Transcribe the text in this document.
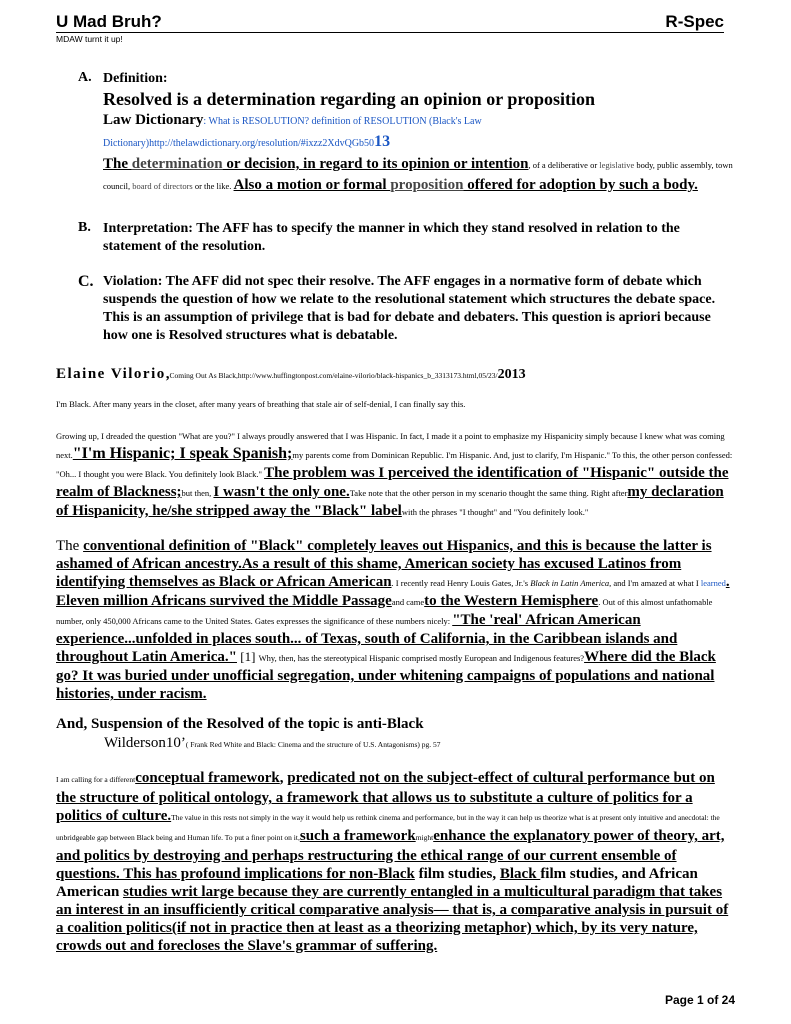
U Mad Bruh?	R-Spec
MDAW turnt it up!
A. Definition:
Resolved is a determination regarding an opinion or proposition
Law Dictionary: What is RESOLUTION? definition of RESOLUTION (Black's Law Dictionary)http://thelawdictionary.org/resolution/#ixzz2XdvQGb5013
The determination or decision, in regard to its opinion or intention, of a deliberative or legislative body, public assembly, town council, board of directors or the like. Also a motion or formal proposition offered for adoption by such a body.
B. Interpretation: The AFF has to specify the manner in which they stand resolved in relation to the statement of the resolution.
C. Violation: The AFF did not spec their resolve. The AFF engages in a normative form of debate which suspends the question of how we relate to the resolutional statement which structures the debate space. This is an assumption of privilege that is bad for debate and debaters. This question is apriori because how one is Resolved structures what is debatable.
Elaine Vilorio,Coming Out As Black,http://www.huffingtonpost.com/elaine-vilorio/black-hispanics_b_3313173.html,05/23/2013
I'm Black. After many years in the closet, after many years of breathing that stale air of self-denial, I can finally say this.
Growing up, I dreaded the question "What are you?" I always proudly answered that I was Hispanic. In fact, I made it a point to emphasize my Hispanicity simply because I knew what was coming next."I'm Hispanic; I speak Spanish;my parents come from Dominican Republic. I'm Hispanic. And, just to clarify, I'm Hispanic." To this, the other person confessed: "Oh... I thought you were Black. You definitely look Black." The problem was I perceived the identification of "Hispanic" outside the realm of Blackness;but then, I wasn't the only one.Take note that the other person in my scenario thought the same thing. Right aftermy declaration of Hispanicity, he/she stripped away the "Black" labelwith the phrases "I thought" and "You definitely look."
The conventional definition of "Black" completely leaves out Hispanics, and this is because the latter is ashamed of African ancestry.As a result of this shame, American society has excused Latinos from identifying themselves as Black or African American. I recently read Henry Louis Gates, Jr.'s Black in Latin America, and I'm amazed at what I learned. Eleven million Africans survived the Middle Passageand cameto the Western Hemisphere. Out of this almost unfathomable number, only 450,000 Africans came to the United States. Gates expresses the significance of these numbers nicely: "The 'real' African American experience...unfolded in places south... of Texas, south of California, in the Caribbean islands and throughout Latin America." [1] Why, then, has the stereotypical Hispanic comprised mostly European and Indigenous features?Where did the Black go? It was buried under unofficial segregation, under whitening campaigns of populations and national histories, under racism.
And, Suspension of the Resolved of the topic is anti-Black
Wilderson10’( Frank Red White and Black: Cinema and the structure of U.S. Antagonisms) pg. 57
I am calling for a differentconceptual framework, predicated not on the subject-effect of cultural performance but on the structure of political ontology, a framework that allows us to substitute a culture of politics for a politics of culture.The value in this rests not simply in the way it would help us rethink cinema and performance, but in the way it can help us theorize what is at present only intuitive and anecdotal: the unbridgeable gap between Black being and Human life. To put a finer point on it,such a frameworkmightenhance the explanatory power of theory, art, and politics by destroying and perhaps restructuring the ethical range of our current ensemble of questions. This has profound implications for non-Black film studies, Black film studies, and African American studies writ large because they are currently entangled in a multicultural paradigm that takes an interest in an insufficiently critical comparative analysis— that is, a comparative analysis in pursuit of a coalition politics(if not in practice then at least as a theorizing metaphor) which, by its very nature, crowds out and forecloses the Slave's grammar of suffering.
Page 1 of 24
